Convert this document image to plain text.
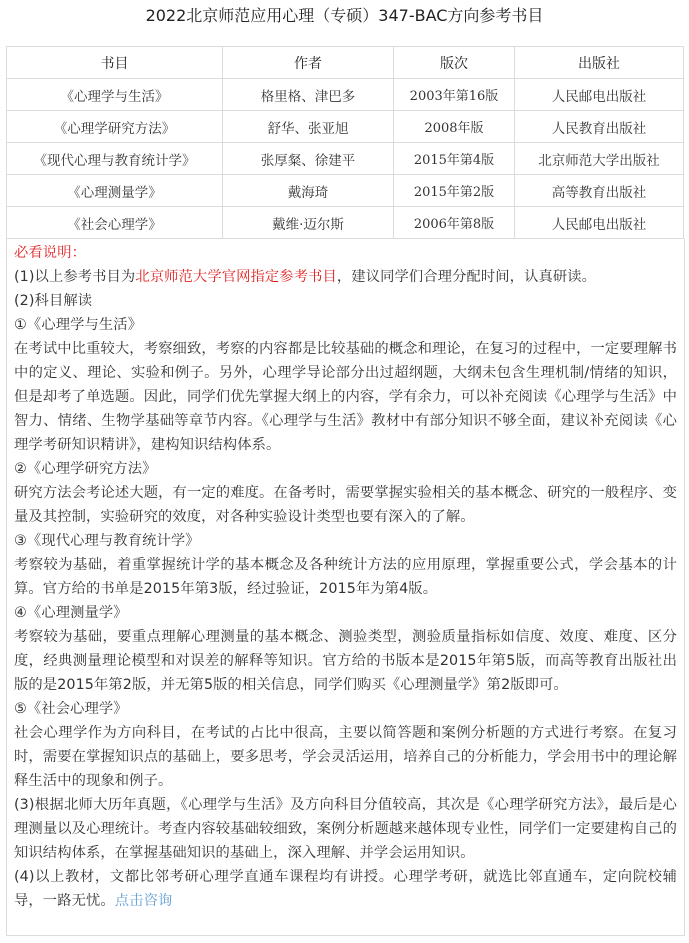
2022北京师范应用心理（专硕）347-BAC方向参考书目
书目	作者	版次	出版社
《心理学与生活》	格里格、津巴多	2003年第16版	人民邮电出版社
《心理学研究方法》	舒华、张亚旭	2008年版	人民教育出版社
《现代心理与教育统计学》	张厚粲、徐建平	2015年第4版	北京师范大学出版社
《心理测量学》	戴海琦	2015年第2版	高等教育出版社
《社会心理学》	戴维·迈尔斯	2006年第8版	人民邮电出版社

必看说明：

(1)以上参考书目为北京师范大学官网指定参考书目，建议同学们合理分配时间，认真研读。

(2)科目解读

①《心理学与生活》

在考试中比重较大，考察细致，考察的内容都是比较基础的概念和理论，在复习的过程中，一定要理解书中的定义、理论、实验和例子。另外，心理学导论部分出过超纲题，大纲未包含生理机制/情绪的知识，但是却考了单选题。因此，同学们优先掌握大纲上的内容，学有余力，可以补充阅读《心理学与生活》中智力、情绪、生物学基础等章节内容。《心理学与生活》教材中有部分知识不够全面，建议补充阅读《心理学考研知识精讲》，建构知识结构体系。

②《心理学研究方法》

研究方法会考论述大题，有一定的难度。在备考时，需要掌握实验相关的基本概念、研究的一般程序、变量及其控制，实验研究的效度，对各种实验设计类型也要有深入的了解。

③《现代心理与教育统计学》

考察较为基础，着重掌握统计学的基本概念及各种统计方法的应用原理，掌握重要公式，学会基本的计算。官方给的书单是2015年第3版，经过验证，2015年为第4版。

④《心理测量学》

考察较为基础，要重点理解心理测量的基本概念、测验类型，测验质量指标如信度、效度、难度、区分度，经典测量理论模型和对误差的解释等知识。官方给的书版本是2015年第5版，而高等教育出版社出版的是2015年第2版，并无第5版的相关信息，同学们购买《心理测量学》第2版即可。

⑤《社会心理学》

社会心理学作为方向科目，在考试的占比中很高，主要以简答题和案例分析题的方式进行考察。在复习时，需要在掌握知识点的基础上，要多思考，学会灵活运用，培养自己的分析能力，学会用书中的理论解释生活中的现象和例子。

(3)根据北师大历年真题，《心理学与生活》及方向科目分值较高，其次是《心理学研究方法》，最后是心理测量以及心理统计。考查内容较基础较细致，案例分析题越来越体现专业性，同学们一定要建构自己的知识结构体系，在掌握基础知识的基础上，深入理解、并学会运用知识。

(4)以上教材，文都比邻考研心理学直通车课程均有讲授。心理学考研，就选比邻直通车，定向院校辅导，一路无忧。点击咨询
